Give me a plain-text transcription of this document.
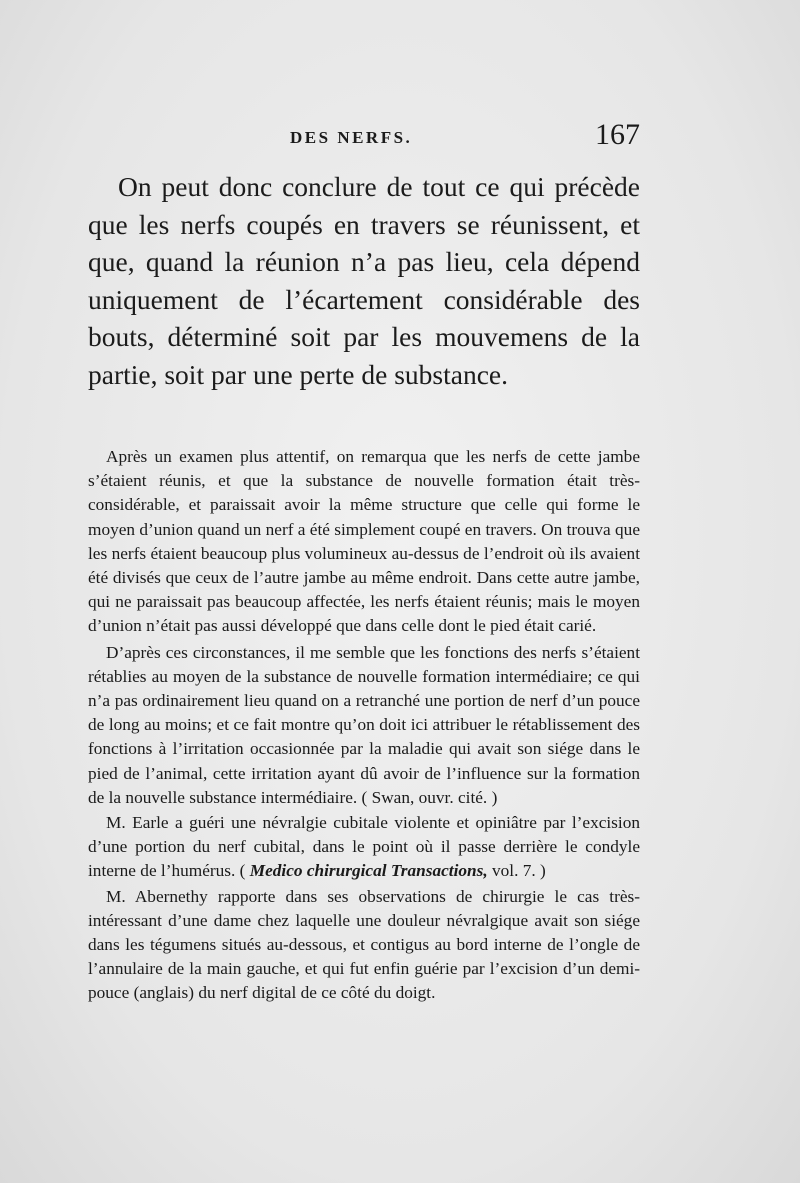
DES NERFS.	167

On peut donc conclure de tout ce qui précède que les nerfs coupés en travers se réunissent, et que, quand la réunion n’a pas lieu, cela dépend uniquement de l’écartement considérable des bouts, déterminé soit par les mouvemens de la partie, soit par une perte de substance.

Après un examen plus attentif, on remarqua que les nerfs de cette jambe s’étaient réunis, et que la substance de nouvelle formation était très-considérable, et paraissait avoir la même structure que celle qui forme le moyen d’union quand un nerf a été simplement coupé en travers. On trouva que les nerfs étaient beaucoup plus volumineux au-dessus de l’endroit où ils avaient été divisés que ceux de l’autre jambe au même endroit. Dans cette autre jambe, qui ne paraissait pas beaucoup affectée, les nerfs étaient réunis; mais le moyen d’union n’était pas aussi développé que dans celle dont le pied était carié.

D’après ces circonstances, il me semble que les fonctions des nerfs s’étaient rétablies au moyen de la substance de nouvelle formation intermédiaire; ce qui n’a pas ordinairement lieu quand on a retranché une portion de nerf d’un pouce de long au moins; et ce fait montre qu’on doit ici attribuer le rétablissement des fonctions à l’irritation occasionnée par la maladie qui avait son siége dans le pied de l’animal, cette irritation ayant dû avoir de l’influence sur la formation de la nouvelle substance intermédiaire. ( Swan, ouvr. cité. )

M. Earle a guéri une névralgie cubitale violente et opiniâtre par l’excision d’une portion du nerf cubital, dans le point où il passe derrière le condyle interne de l’humérus. ( Medico chirurgical Transactions, vol. 7. )

M. Abernethy rapporte dans ses observations de chirurgie le cas très-intéressant d’une dame chez laquelle une douleur névralgique avait son siége dans les tégumens situés au-dessous, et contigus au bord interne de l’ongle de l’annulaire de la main gauche, et qui fut enfin guérie par l’excision d’un demi-pouce (anglais) du nerf digital de ce côté du doigt.
